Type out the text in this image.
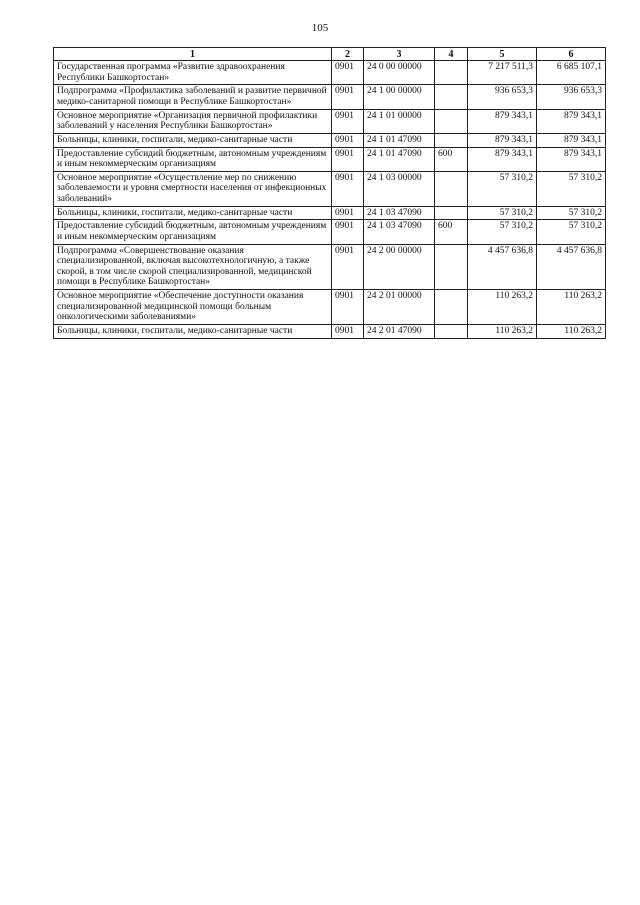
105
1	2	3	4	5	6
Государственная программа «Развитие здравоохранения Республики Башкортостан»	0901	24 0 00 00000		7 217 511,3	6 685 107,1
Подпрограмма «Профилактика заболеваний и развитие первичной медико-санитарной помощи в Республике Башкортостан»	0901	24 1 00 00000		936 653,3	936 653,3
Основное мероприятие «Организация первичной профилактики заболеваний у населения Республики Башкортостан»	0901	24 1 01 00000		879 343,1	879 343,1
Больницы, клиники, госпитали, медико-санитарные части	0901	24 1 01 47090		879 343,1	879 343,1
Предоставление субсидий бюджетным, автономным учреждениям и иным некоммерческим организациям	0901	24 1 01 47090	600	879 343,1	879 343,1
Основное мероприятие «Осуществление мер по снижению заболеваемости и уровня смертности населения от инфекционных заболеваний»	0901	24 1 03 00000		57 310,2	57 310,2
Больницы, клиники, госпитали, медико-санитарные части	0901	24 1 03 47090		57 310,2	57 310,2
Предоставление субсидий бюджетным, автономным учреждениям и иным некоммерческим организациям	0901	24 1 03 47090	600	57 310,2	57 310,2
Подпрограмма «Совершенствование оказания специализированной, включая высокотехнологичную, а также скорой, в том числе скорой специализированной, медицинской помощи в Республике Башкортостан»	0901	24 2 00 00000		4 457 636,8	4 457 636,8
Основное мероприятие «Обеспечение доступности оказания специализированной медицинской помощи больным онкологическими заболеваниями»	0901	24 2 01 00000		110 263,2	110 263,2
Больницы, клиники, госпитали, медико-санитарные части	0901	24 2 01 47090		110 263,2	110 263,2
